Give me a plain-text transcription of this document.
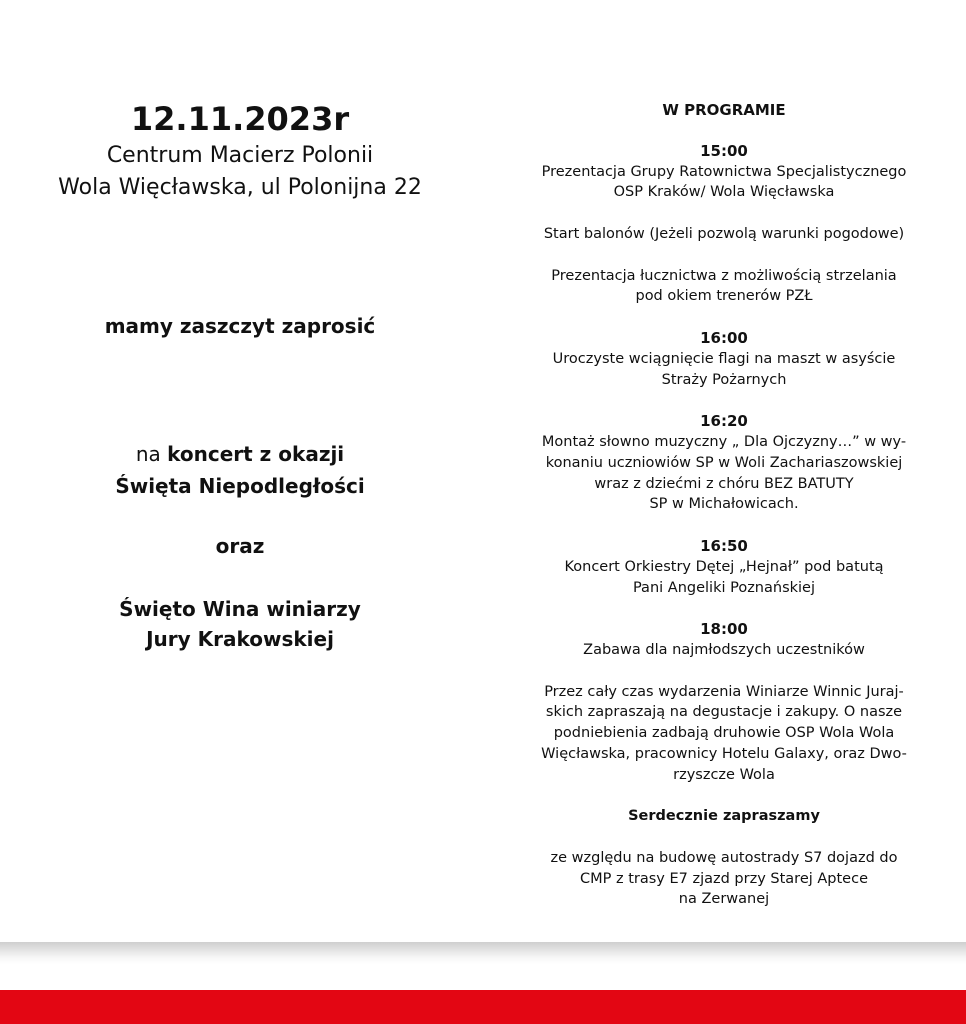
12.11.2023r
Centrum Macierz Polonii
Wola Więcławska, ul Polonijna 22
mamy zaszczyt zaprosić
na koncert z okazji
Święta Niepodległości
oraz
Święto Wina winiarzy
Jury Krakowskiej
W PROGRAMIE
15:00
Prezentacja Grupy Ratownictwa Specjalistycznego
OSP Kraków/ Wola Więcławska
Start balonów (Jeżeli pozwolą warunki pogodowe)
Prezentacja łucznictwa z możliwością strzelania
pod okiem trenerów PZŁ
16:00
Uroczyste wciągnięcie flagi na maszt w asyście
Straży Pożarnych
16:20
Montaż słowno muzyczny „ Dla Ojczyzny…” w wy-
konaniu uczniowiów SP w Woli Zachariaszowskiej
wraz z dziećmi z chóru BEZ BATUTY
SP w Michałowicach.
16:50
Koncert Orkiestry Dętej „Hejnał” pod batutą
Pani Angeliki Poznańskiej
18:00
Zabawa dla najmłodszych uczestników
Przez cały czas wydarzenia Winiarze Winnic Juraj-
skich zapraszają na degustacje i zakupy. O nasze
podniebienia zadbają druhowie OSP Wola Wola
Więcławska, pracownicy Hotelu Galaxy, oraz Dwo-
rzyszcze Wola
Serdecznie zapraszamy
ze względu na budowę autostrady S7 dojazd do
CMP z trasy E7 zjazd przy Starej Aptece
na Zerwanej
